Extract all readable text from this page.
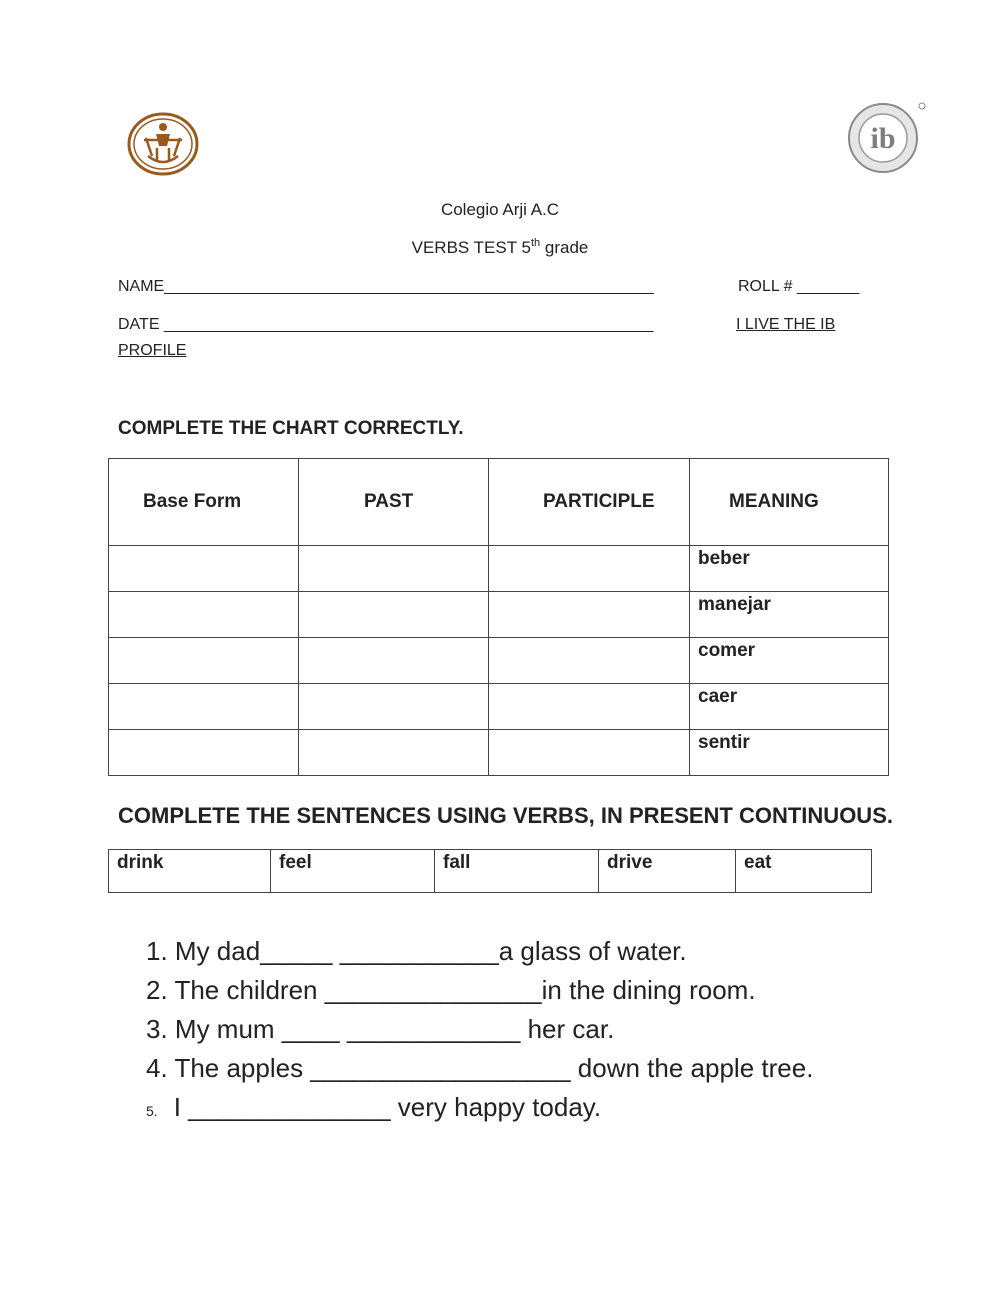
ib
Colegio Arji A.C
VERBS TEST 5th grade
NAME_______________________________________________________	ROLL # _______
DATE _______________________________________________________	I LIVE THE IB
PROFILE
COMPLETE THE CHART CORRECTLY.
Base Form	PAST	PARTICIPLE	MEANING
			beber
			manejar
			comer
			caer
			sentir
COMPLETE THE SENTENCES USING VERBS, IN PRESENT CONTINUOUS.
drink	feel	fall	drive	eat
1. My dad_____ ___________a glass of water.
2. The children _______________in the dining room.
3. My mum ____ ____________ her car.
4. The apples __________________ down the apple tree.
5. I ______________ very happy today.
